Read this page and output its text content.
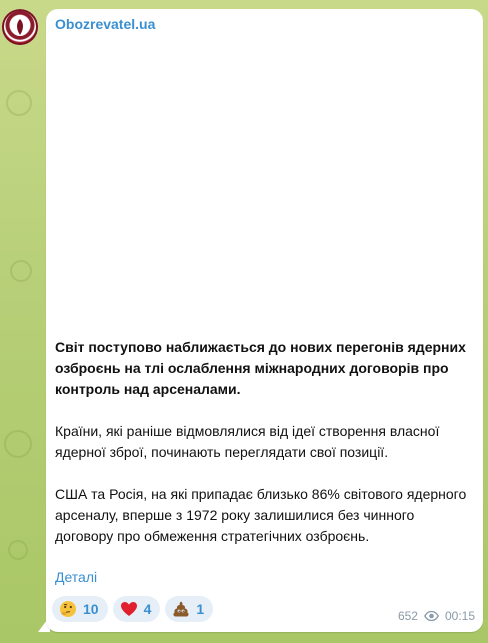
Obozrevatel.ua

Світ поступово наближається до нових перегонів ядерних озброєнь на тлі ослаблення міжнародних договорів про контроль над арсеналами.

Країни, які раніше відмовлялися від ідеї створення власної ядерної зброї, починають переглядати свої позиції.

США та Росія, на які припадає близько 86% світового ядерного арсеналу, вперше з 1972 року залишилися без чинного договору про обмеження стратегічних озброєнь.

Деталі
10	4	1	652 00:15
